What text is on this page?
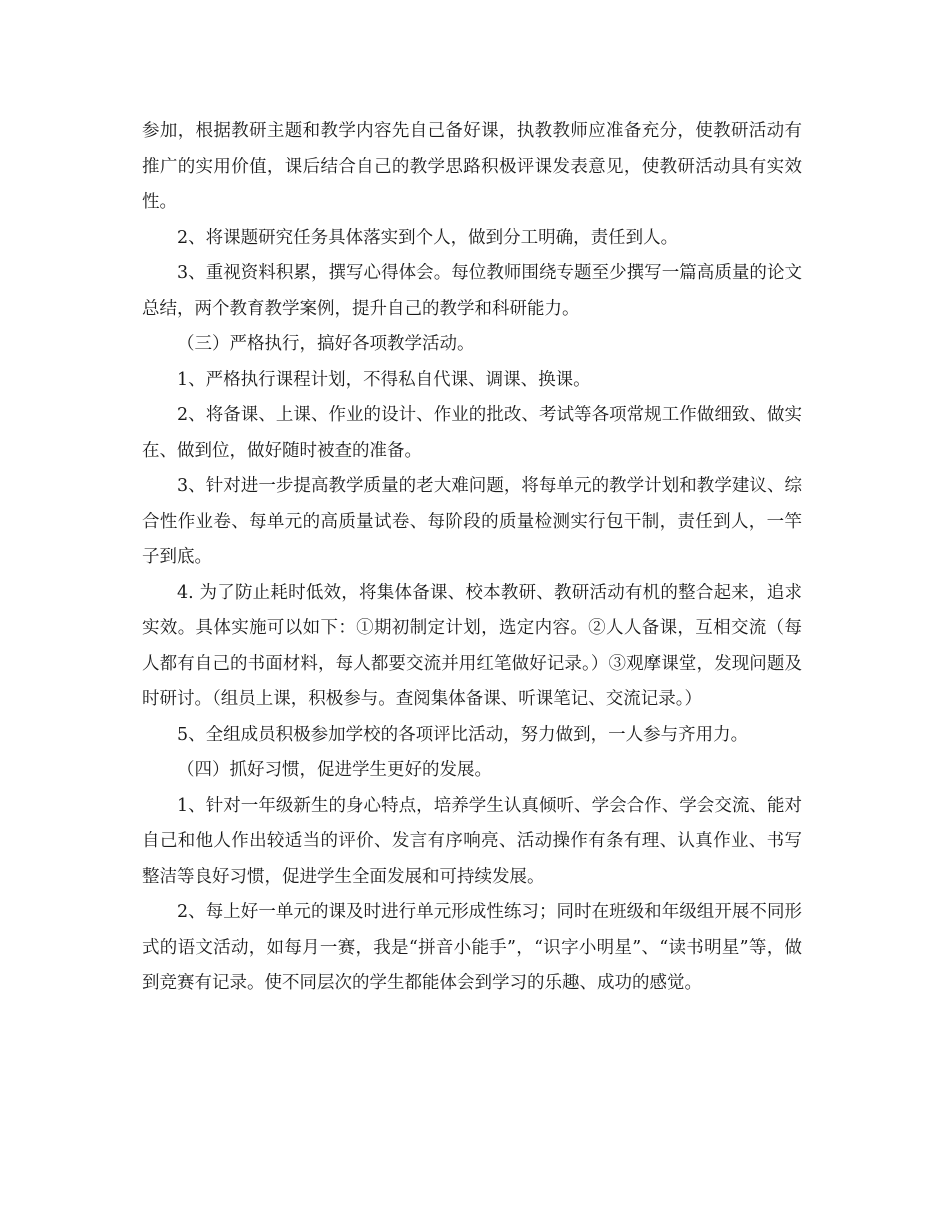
参加，根据教研主题和教学内容先自己备好课，执教教师应准备充分，使教研活动有推广的实用价值，课后结合自己的教学思路积极评课发表意见，使教研活动具有实效性。

2、将课题研究任务具体落实到个人，做到分工明确，责任到人。

3、重视资料积累，撰写心得体会。每位教师围绕专题至少撰写一篇高质量的论文总结，两个教育教学案例，提升自己的教学和科研能力。

（三）严格执行，搞好各项教学活动。

1、严格执行课程计划，不得私自代课、调课、换课。

2、将备课、上课、作业的设计、作业的批改、考试等各项常规工作做细致、做实在、做到位，做好随时被查的准备。

3、针对进一步提高教学质量的老大难问题，将每单元的教学计划和教学建议、综合性作业卷、每单元的高质量试卷、每阶段的质量检测实行包干制，责任到人，一竿子到底。

4. 为了防止耗时低效，将集体备课、校本教研、教研活动有机的整合起来，追求实效。具体实施可以如下：①期初制定计划，选定内容。②人人备课，互相交流（每人都有自己的书面材料，每人都要交流并用红笔做好记录。）③观摩课堂，发现问题及时研讨。（组员上课，积极参与。查阅集体备课、听课笔记、交流记录。）

5、全组成员积极参加学校的各项评比活动，努力做到，一人参与齐用力。

（四）抓好习惯，促进学生更好的发展。

1、针对一年级新生的身心特点，培养学生认真倾听、学会合作、学会交流、能对自己和他人作出较适当的评价、发言有序响亮、活动操作有条有理、认真作业、书写整洁等良好习惯，促进学生全面发展和可持续发展。

2、每上好一单元的课及时进行单元形成性练习；同时在班级和年级组开展不同形式的语文活动，如每月一赛，我是“拼音小能手”，“识字小明星”、“读书明星”等，做到竞赛有记录。使不同层次的学生都能体会到学习的乐趣、成功的感觉。
